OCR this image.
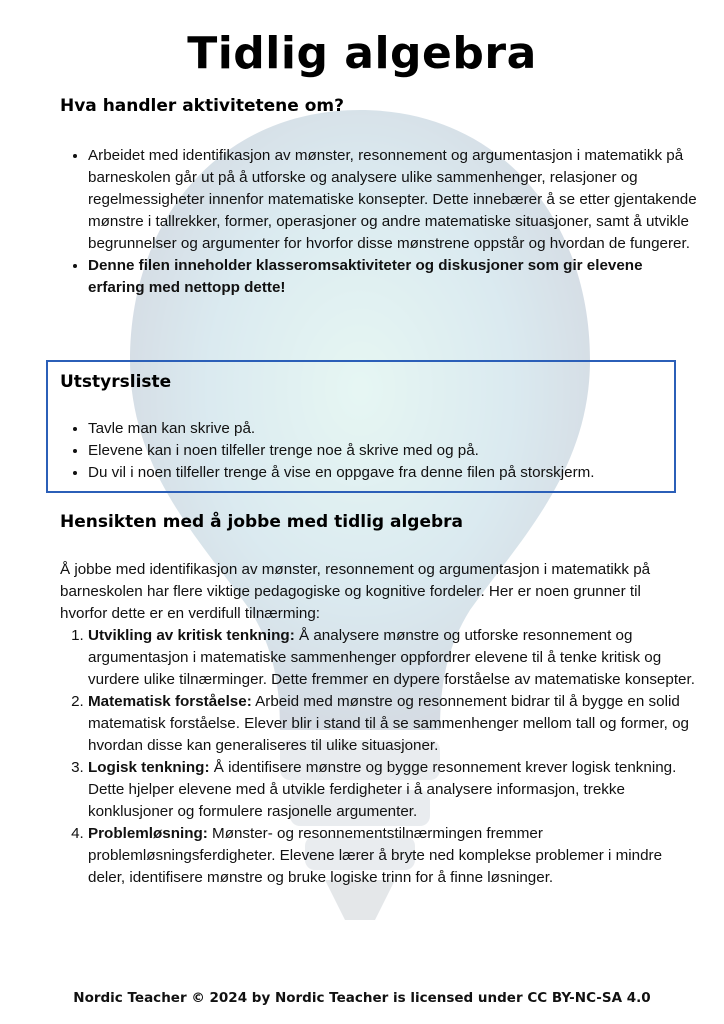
Tidlig algebra
Hva handler aktivitetene om?
• Arbeidet med identifikasjon av mønster, resonnement og argumentasjon i matematikk på barneskolen går ut på å utforske og analysere ulike sammenhenger, relasjoner og regelmessigheter innenfor matematiske konsepter. Dette innebærer å se etter gjentakende mønstre i tallrekker, former, operasjoner og andre matematiske situasjoner, samt å utvikle begrunnelser og argumenter for hvorfor disse mønstrene oppstår og hvordan de fungerer.
• Denne filen inneholder klasseromsaktiviteter og diskusjoner som gir elevene erfaring med nettopp dette!
Utstyrsliste
• Tavle man kan skrive på.
• Elevene kan i noen tilfeller trenge noe å skrive med og på.
• Du vil i noen tilfeller trenge å vise en oppgave fra denne filen på storskjerm.
Hensikten med å jobbe med tidlig algebra

Å jobbe med identifikasjon av mønster, resonnement og argumentasjon i matematikk på barneskolen har flere viktige pedagogiske og kognitive fordeler. Her er noen grunner til hvorfor dette er en verdifull tilnærming:

1. Utvikling av kritisk tenkning: Å analysere mønstre og utforske resonnement og argumentasjon i matematiske sammenhenger oppfordrer elevene til å tenke kritisk og vurdere ulike tilnærminger. Dette fremmer en dypere forståelse av matematiske konsepter.
2. Matematisk forståelse: Arbeid med mønstre og resonnement bidrar til å bygge en solid matematisk forståelse. Elever blir i stand til å se sammenhenger mellom tall og former, og hvordan disse kan generaliseres til ulike situasjoner.
3. Logisk tenkning: Å identifisere mønstre og bygge resonnement krever logisk tenkning. Dette hjelper elevene med å utvikle ferdigheter i å analysere informasjon, trekke konklusjoner og formulere rasjonelle argumenter.
4. Problemløsning: Mønster- og resonnementstilnærmingen fremmer problemløsningsferdigheter. Elevene lærer å bryte ned komplekse problemer i mindre deler, identifisere mønstre og bruke logiske trinn for å finne løsninger.
Nordic Teacher © 2024 by Nordic Teacher is licensed under CC BY-NC-SA 4.0
